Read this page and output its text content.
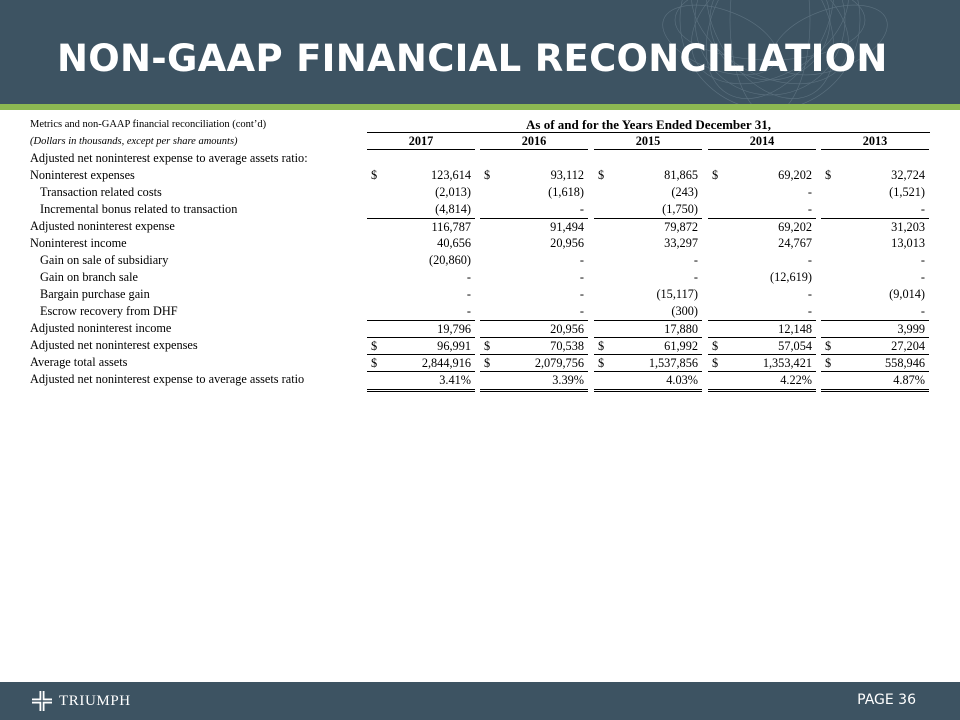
NON-GAAP FINANCIAL RECONCILIATION
Metrics and non-GAAP financial reconciliation (cont’d)	As of and for the Years Ended December 31,
(Dollars in thousands, except per share amounts)	2017	2016	2015	2014	2013
Adjusted net noninterest expense to average assets ratio:
Noninterest expenses	$	123,614 $	93,112 $	81,865 $	69,202 $	32,724
Transaction related costs	(2,013)	(1,618)	(243)	-	(1,521)
Incremental bonus related to transaction	(4,814)	-	(1,750)	-	-
Adjusted noninterest expense	116,787	91,494	79,872	69,202	31,203
Noninterest income	40,656	20,956	33,297	24,767	13,013
Gain on sale of subsidiary	(20,860)	-	-	-	-
Gain on branch sale	-	-	-	(12,619)	-
Bargain purchase gain	-	-	(15,117)	-	(9,014)
Escrow recovery from DHF	-	-	(300)	-	-
Adjusted noninterest income	19,796	20,956	17,880	12,148	3,999
Adjusted net noninterest expenses	$	96,991 $	70,538 $	61,992 $	57,054 $	27,204
Average total assets	$	2,844,916 $	2,079,756 $	1,537,856 $	1,353,421 $	558,946
Adjusted net noninterest expense to average assets ratio	3.41%	3.39%	4.03%	4.22%	4.87%
TRIUMPH	PAGE 36
